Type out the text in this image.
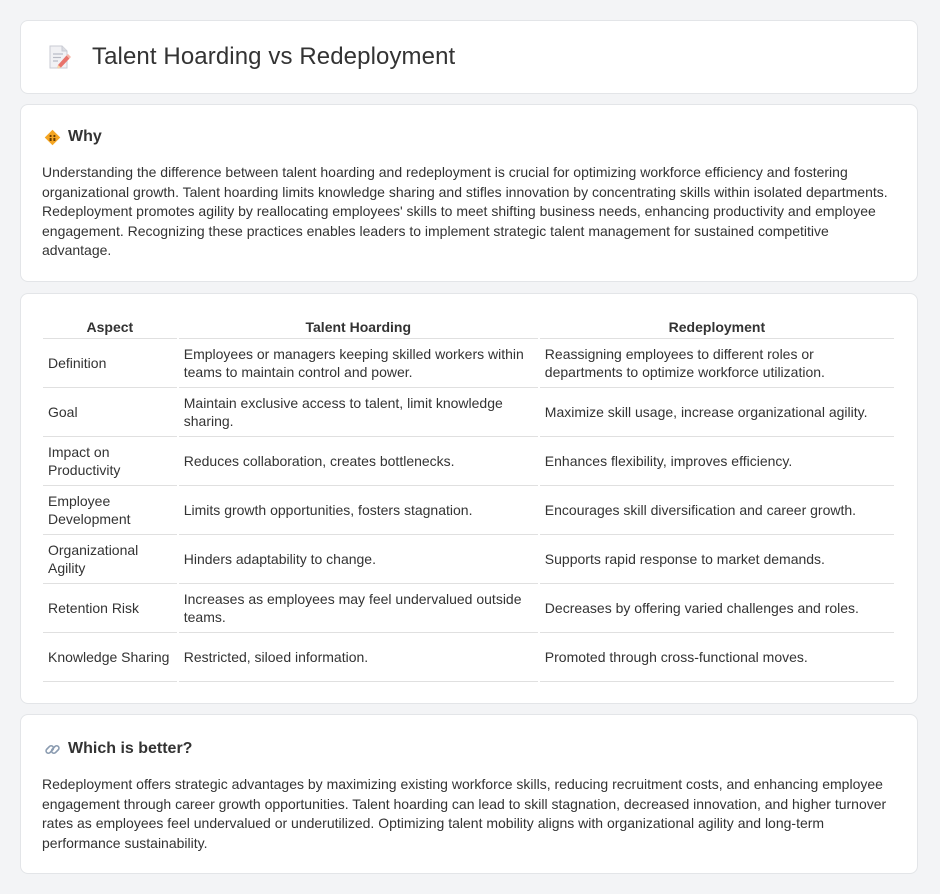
Talent Hoarding vs Redeployment
Why

Understanding the difference between talent hoarding and redeployment is crucial for optimizing workforce efficiency and fostering organizational growth. Talent hoarding limits knowledge sharing and stifles innovation by concentrating skills within isolated departments. Redeployment promotes agility by reallocating employees' skills to meet shifting business needs, enhancing productivity and employee engagement. Recognizing these practices enables leaders to implement strategic talent management for sustained competitive advantage.

Aspect	Talent Hoarding	Redeployment
Definition	Employees or managers keeping skilled workers within teams to maintain control and power.	Reassigning employees to different roles or departments to optimize workforce utilization.
Goal	Maintain exclusive access to talent, limit knowledge sharing.	Maximize skill usage, increase organizational agility.
Impact on Productivity	Reduces collaboration, creates bottlenecks.	Enhances flexibility, improves efficiency.
Employee Development	Limits growth opportunities, fosters stagnation.	Encourages skill diversification and career growth.
Organizational Agility	Hinders adaptability to change.	Supports rapid response to market demands.
Retention Risk	Increases as employees may feel undervalued outside teams.	Decreases by offering varied challenges and roles.
Knowledge Sharing	Restricted, siloed information.	Promoted through cross-functional moves.
Which is better?

Redeployment offers strategic advantages by maximizing existing workforce skills, reducing recruitment costs, and enhancing employee engagement through career growth opportunities. Talent hoarding can lead to skill stagnation, decreased innovation, and higher turnover rates as employees feel undervalued or underutilized. Optimizing talent mobility aligns with organizational agility and long-term performance sustainability.
